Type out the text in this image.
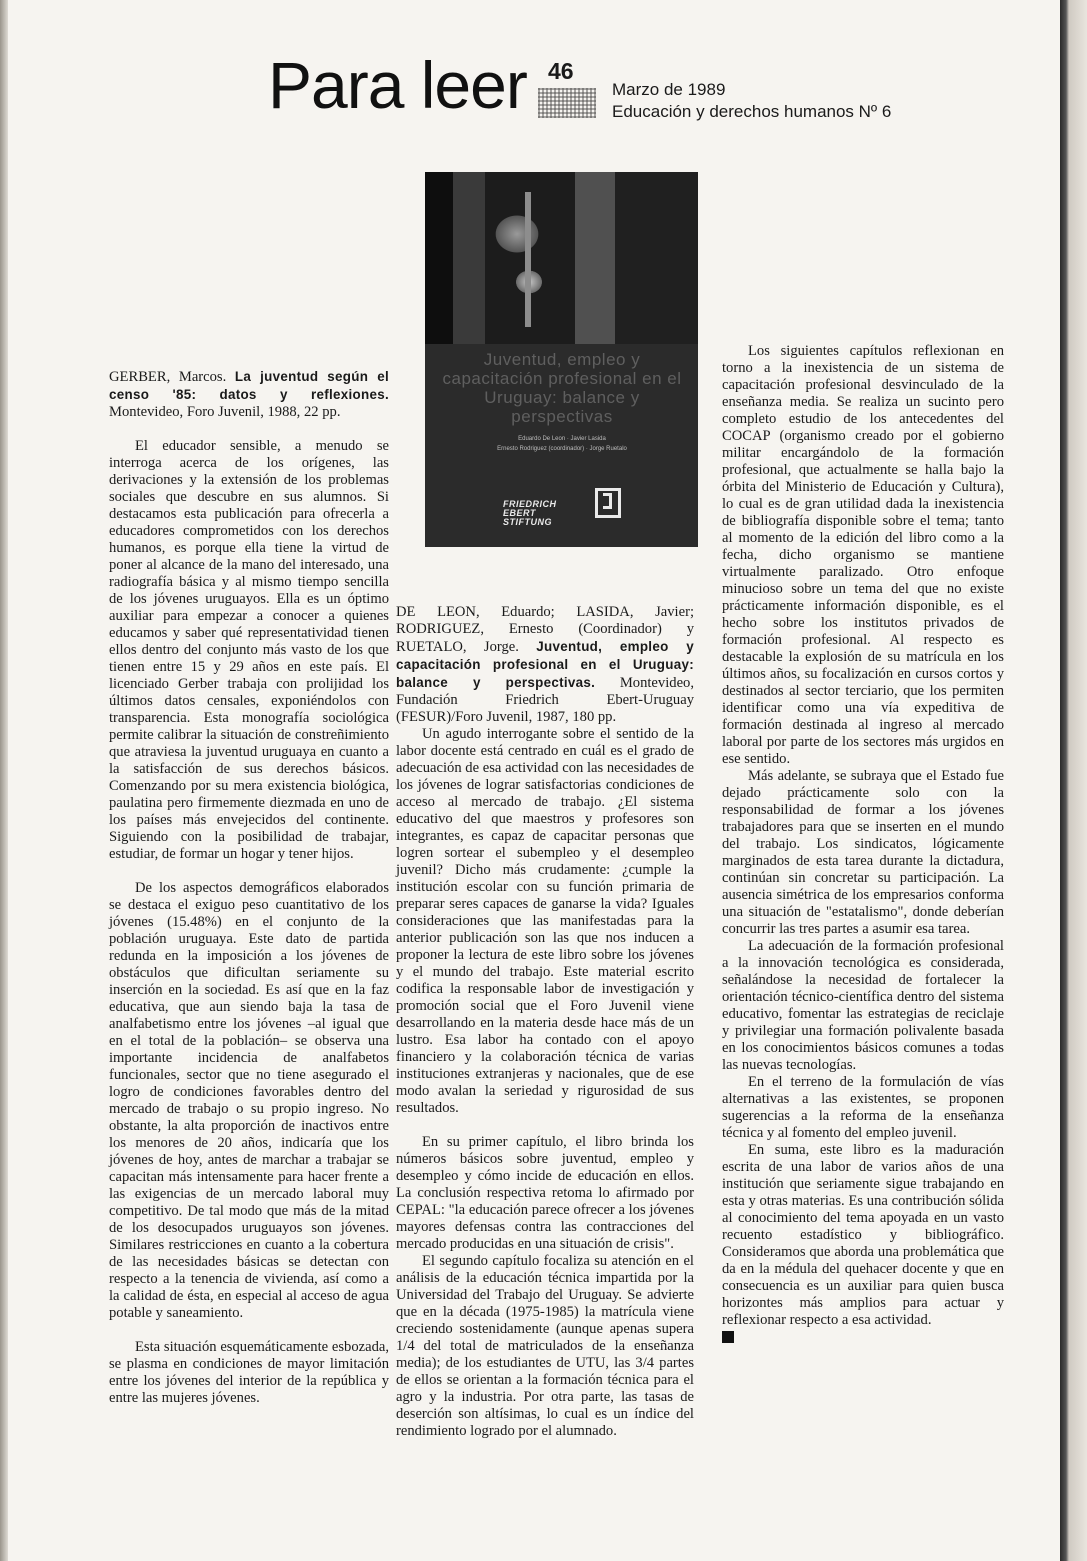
Para leer 46
Marzo de 1989
Educación y derechos humanos Nº 6
Juventud, empleo y capacitación profesional en el Uruguay: balance y perspectivas
Eduardo De Leon · Javier Lasida
Ernesto Rodriguez (coordinador) · Jorge Ruetalo
FRIEDRICH
EBERT
STIFTUNG

GERBER, Marcos. La juventud según el censo '85: datos y reflexiones. Montevideo, Foro Juvenil, 1988, 22 pp.

El educador sensible, a menudo se interroga acerca de los orígenes, las derivaciones y la extensión de los problemas sociales que descubre en sus alumnos. Si destacamos esta publicación para ofrecerla a educadores comprometidos con los derechos humanos, es porque ella tiene la virtud de poner al alcance de la mano del interesado, una radiografía básica y al mismo tiempo sencilla de los jóvenes uruguayos. Ella es un óptimo auxiliar para empezar a conocer a quienes educamos y saber qué representatividad tienen ellos dentro del conjunto más vasto de los que tienen entre 15 y 29 años en este país. El licenciado Gerber trabaja con prolijidad los últimos datos censales, exponiéndolos con transparencia. Esta monografía sociológica permite calibrar la situación de constreñimiento que atraviesa la juventud uruguaya en cuanto a la satisfacción de sus derechos básicos. Comenzando por su mera existencia biológica, paulatina pero firmemente diezmada en uno de los países más envejecidos del continente. Siguiendo con la posibilidad de trabajar, estudiar, de formar un hogar y tener hijos.

De los aspectos demográficos elaborados se destaca el exiguo peso cuantitativo de los jóvenes (15.48%) en el conjunto de la población uruguaya. Este dato de partida redunda en la imposición a los jóvenes de obstáculos que dificultan seriamente su inserción en la sociedad. Es así que en la faz educativa, que aun siendo baja la tasa de analfabetismo entre los jóvenes –al igual que en el total de la población– se observa una importante incidencia de analfabetos funcionales, sector que no tiene asegurado el logro de condiciones favorables dentro del mercado de trabajo o su propio ingreso. No obstante, la alta proporción de inactivos entre los menores de 20 años, indicaría que los jóvenes de hoy, antes de marchar a trabajar se capacitan más intensamente para hacer frente a las exigencias de un mercado laboral muy competitivo. De tal modo que más de la mitad de los desocupados uruguayos son jóvenes. Similares restricciones en cuanto a la cobertura de las necesidades básicas se detectan con respecto a la tenencia de vivienda, así como a la calidad de ésta, en especial al acceso de agua potable y saneamiento.

Esta situación esquemáticamente esbozada, se plasma en condiciones de mayor limitación entre los jóvenes del interior de la república y entre las mujeres jóvenes.

DE LEON, Eduardo; LASIDA, Javier; RODRIGUEZ, Ernesto (Coordinador) y RUETALO, Jorge. Juventud, empleo y capacitación profesional en el Uruguay: balance y perspectivas. Montevideo, Fundación Friedrich Ebert-Uruguay (FESUR)/Foro Juvenil, 1987, 180 pp.

Un agudo interrogante sobre el sentido de la labor docente está centrado en cuál es el grado de adecuación de esa actividad con las necesidades de los jóvenes de lograr satisfactorias condiciones de acceso al mercado de trabajo. ¿El sistema educativo del que maestros y profesores son integrantes, es capaz de capacitar personas que logren sortear el subempleo y el desempleo juvenil? Dicho más crudamente: ¿cumple la institución escolar con su función primaria de preparar seres capaces de ganarse la vida? Iguales consideraciones que las manifestadas para la anterior publicación son las que nos inducen a proponer la lectura de este libro sobre los jóvenes y el mundo del trabajo. Este material escrito codifica la responsable labor de investigación y promoción social que el Foro Juvenil viene desarrollando en la materia desde hace más de un lustro. Esa labor ha contado con el apoyo financiero y la colaboración técnica de varias instituciones extranjeras y nacionales, que de ese modo avalan la seriedad y rigurosidad de sus resultados.

En su primer capítulo, el libro brinda los números básicos sobre juventud, empleo y desempleo y cómo incide de educación en ellos. La conclusión respectiva retoma lo afirmado por CEPAL: "la educación parece ofrecer a los jóvenes mayores defensas contra las contracciones del mercado producidas en una situación de crisis".

El segundo capítulo focaliza su atención en el análisis de la educación técnica impartida por la Universidad del Trabajo del Uruguay. Se advierte que en la década (1975-1985) la matrícula viene creciendo sostenidamente (aunque apenas supera 1/4 del total de matriculados de la enseñanza media); de los estudiantes de UTU, las 3/4 partes de ellos se orientan a la formación técnica para el agro y la industria. Por otra parte, las tasas de deserción son altísimas, lo cual es un índice del rendimiento logrado por el alumnado.

Los siguientes capítulos reflexionan en torno a la inexistencia de un sistema de capacitación profesional desvinculado de la enseñanza media. Se realiza un sucinto pero completo estudio de los antecedentes del COCAP (organismo creado por el gobierno militar encargándolo de la formación profesional, que actualmente se halla bajo la órbita del Ministerio de Educación y Cultura), lo cual es de gran utilidad dada la inexistencia de bibliografía disponible sobre el tema; tanto al momento de la edición del libro como a la fecha, dicho organismo se mantiene virtualmente paralizado. Otro enfoque minucioso sobre un tema del que no existe prácticamente información disponible, es el hecho sobre los institutos privados de formación profesional. Al respecto es destacable la explosión de su matrícula en los últimos años, su focalización en cursos cortos y destinados al sector terciario, que los permiten identificar como una vía expeditiva de formación destinada al ingreso al mercado laboral por parte de los sectores más urgidos en ese sentido.

Más adelante, se subraya que el Estado fue dejado prácticamente solo con la responsabilidad de formar a los jóvenes trabajadores para que se inserten en el mundo del trabajo. Los sindicatos, lógicamente marginados de esta tarea durante la dictadura, continúan sin concretar su participación. La ausencia simétrica de los empresarios conforma una situación de "estatalismo", donde deberían concurrir las tres partes a asumir esa tarea.

La adecuación de la formación profesional a la innovación tecnológica es considerada, señalándose la necesidad de fortalecer la orientación técnico-científica dentro del sistema educativo, fomentar las estrategias de reciclaje y privilegiar una formación polivalente basada en los conocimientos básicos comunes a todas las nuevas tecnologías.

En el terreno de la formulación de vías alternativas a las existentes, se proponen sugerencias a la reforma de la enseñanza técnica y al fomento del empleo juvenil.

En suma, este libro es la maduración escrita de una labor de varios años de una institución que seriamente sigue trabajando en esta y otras materias. Es una contribución sólida al conocimiento del tema apoyada en un vasto recuento estadístico y bibliográfico. Consideramos que aborda una problemática que da en la médula del quehacer docente y que en consecuencia es un auxiliar para quien busca horizontes más amplios para actuar y reflexionar respecto a esa actividad.
